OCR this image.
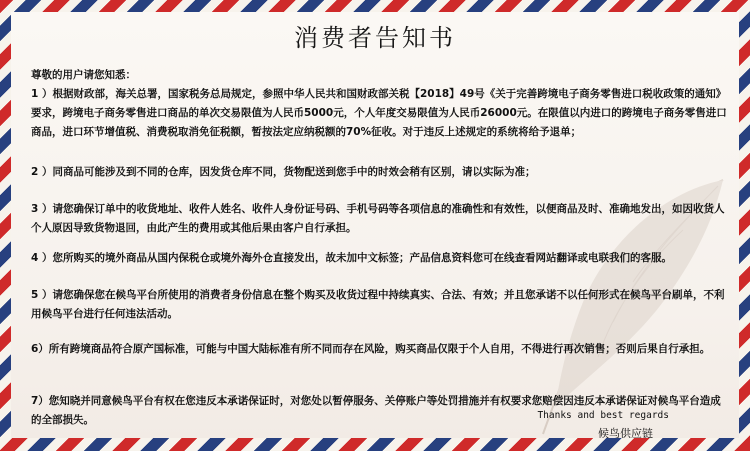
消费者告知书

尊敬的用户请您知悉：

1 ）根据财政部，海关总署，国家税务总局规定，参照中华人民共和国财政部关税【2018】49号《关于完善跨境电子商务零售进口税收政策的通知》要求，跨境电子商务零售进口商品的单次交易限值为人民币5000元，个人年度交易限值为人民币26000元。在限值以内进口的跨境电子商务零售进口商品，进口环节增值税、消费税取消免征税额，暂按法定应纳税额的70%征收。对于违反上述规定的系统将给予退单；

2 ）同商品可能涉及到不同的仓库，因发货仓库不同，货物配送到您手中的时效会稍有区别，请以实际为准；

3 ）请您确保订单中的收货地址、收件人姓名、收件人身份证号码、手机号码等各项信息的准确性和有效性，以便商品及时、准确地发出，如因收货人个人原因导致货物退回，由此产生的费用或其他后果由客户自行承担。

4 ）您所购买的境外商品从国内保税仓或境外海外仓直接发出，故未加中文标签；产品信息资料您可在线查看网站翻译或电联我们的客服。

5 ）请您确保您在候鸟平台所使用的消费者身份信息在整个购买及收货过程中持续真实、合法、有效；并且您承诺不以任何形式在候鸟平台刷单，不利用候鸟平台进行任何违法活动。

6）所有跨境商品符合原产国标准，可能与中国大陆标准有所不同而存在风险，购买商品仅限于个人自用，不得进行再次销售；否则后果自行承担。

7）您知晓并同意候鸟平台有权在您违反本承诺保证时，对您处以暂停服务、关停账户等处罚措施并有权要求您赔偿因违反本承诺保证对候鸟平台造成的全部损失。	Thanks and best regards
候鸟供应链
